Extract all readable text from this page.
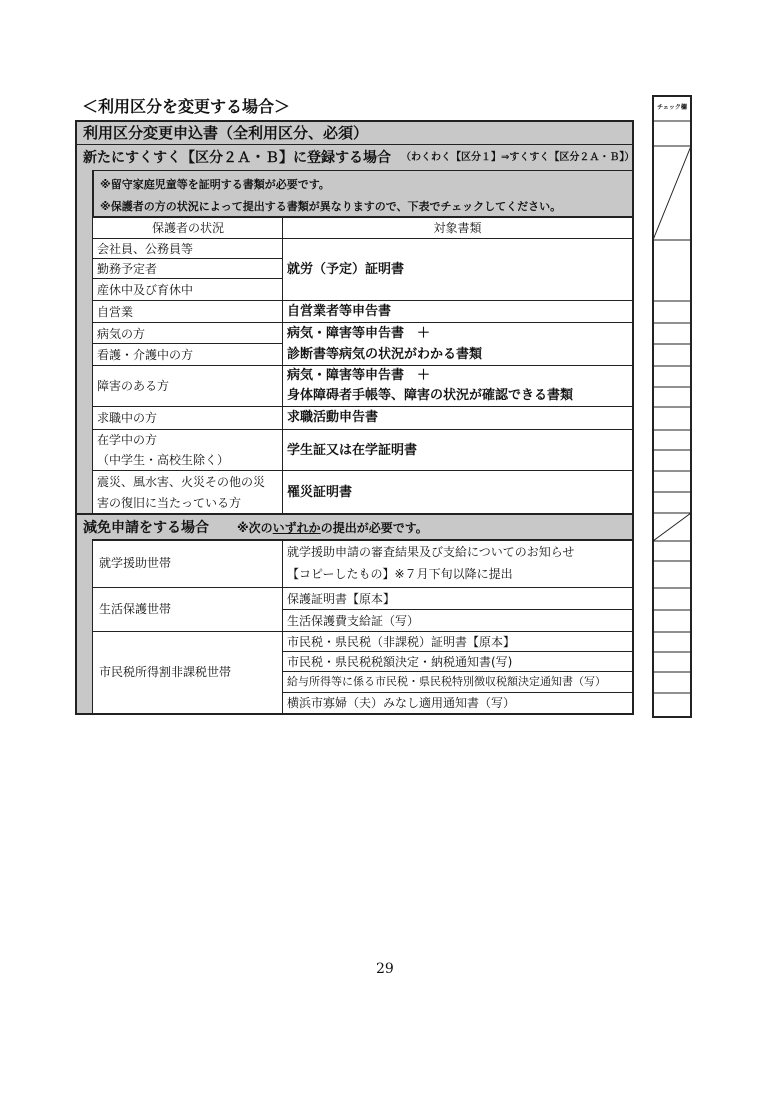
＜利用区分を変更する場合＞
利用区分変更申込書（全利用区分、必須）
新たにすくすく【区分２Ａ・Ｂ】に登録する場合 （わくわく【区分１】⇒すくすく【区分２Ａ・Ｂ】）
※留守家庭児童等を証明する書類が必要です。
※保護者の方の状況によって提出する書類が異なりますので、下表でチェックしてください。
保護者の状況	対象書類
会社員、公務員等
勤務予定者
産休中及び育休中
自営業
病気の方
看護・介護中の方
障害のある方
求職中の方
在学中の方
（中学生・高校生除く）
震災、風水害、火災その他の災
害の復旧に当たっている方
就労（予定）証明書
自営業者等申告書
病気・障害等申告書　＋
診断書等病気の状況がわかる書類
病気・障害等申告書　＋
身体障碍者手帳等、障害の状況が確認できる書類
求職活動申告書
学生証又は在学証明書
罹災証明書
減免申請をする場合 ※次のいずれかの提出が必要です。
就学援助世帯
就学援助申請の審査結果及び支給についてのお知らせ
【コピーしたもの】※７月下旬以降に提出
生活保護世帯
保護証明書【原本】
生活保護費支給証（写）
市民税所得割非課税世帯
市民税・県民税（非課税）証明書【原本】
市民税・県民税税額決定・納税通知書(写)
給与所得等に係る市民税・県民税特別徴収税額決定通知書（写）
横浜市寡婦（夫）みなし適用通知書（写）
チェック欄
29
